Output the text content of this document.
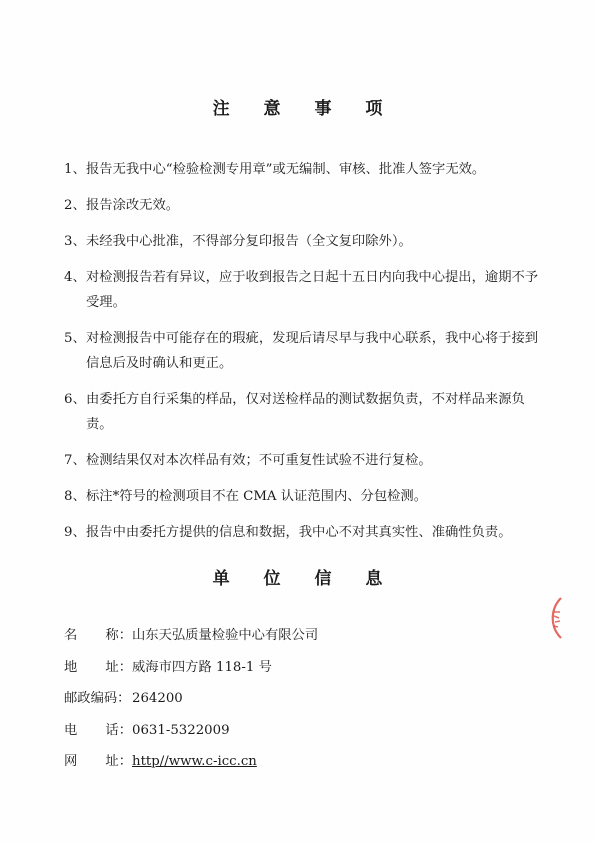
注 意 事 项
1、 报告无我中心“检验检测专用章”或无编制、审核、批准人签字无效。
2、 报告涂改无效。
3、 未经我中心批准，不得部分复印报告（全文复印除外）。
4、 对检测报告若有异议，应于收到报告之日起十五日内向我中心提出，逾期不予受理。
5、 对检测报告中可能存在的瑕疵，发现后请尽早与我中心联系，我中心将于接到信息后及时确认和更正。
6、 由委托方自行采集的样品，仅对送检样品的测试数据负责，不对样品来源负责。
7、 检测结果仅对本次样品有效；不可重复性试验不进行复检。
8、 标注*符号的检测项目不在 CMA 认证范围内、分包检测。
9、 报告中由委托方提供的信息和数据，我中心不对其真实性、准确性负责。
单 位 信 息
名 称： 山东天弘质量检验中心有限公司
地 址： 威海市四方路 118-1 号
邮政编码： 264200
电 话： 0631-5322009
网 址： http//www.c-icc.cn
